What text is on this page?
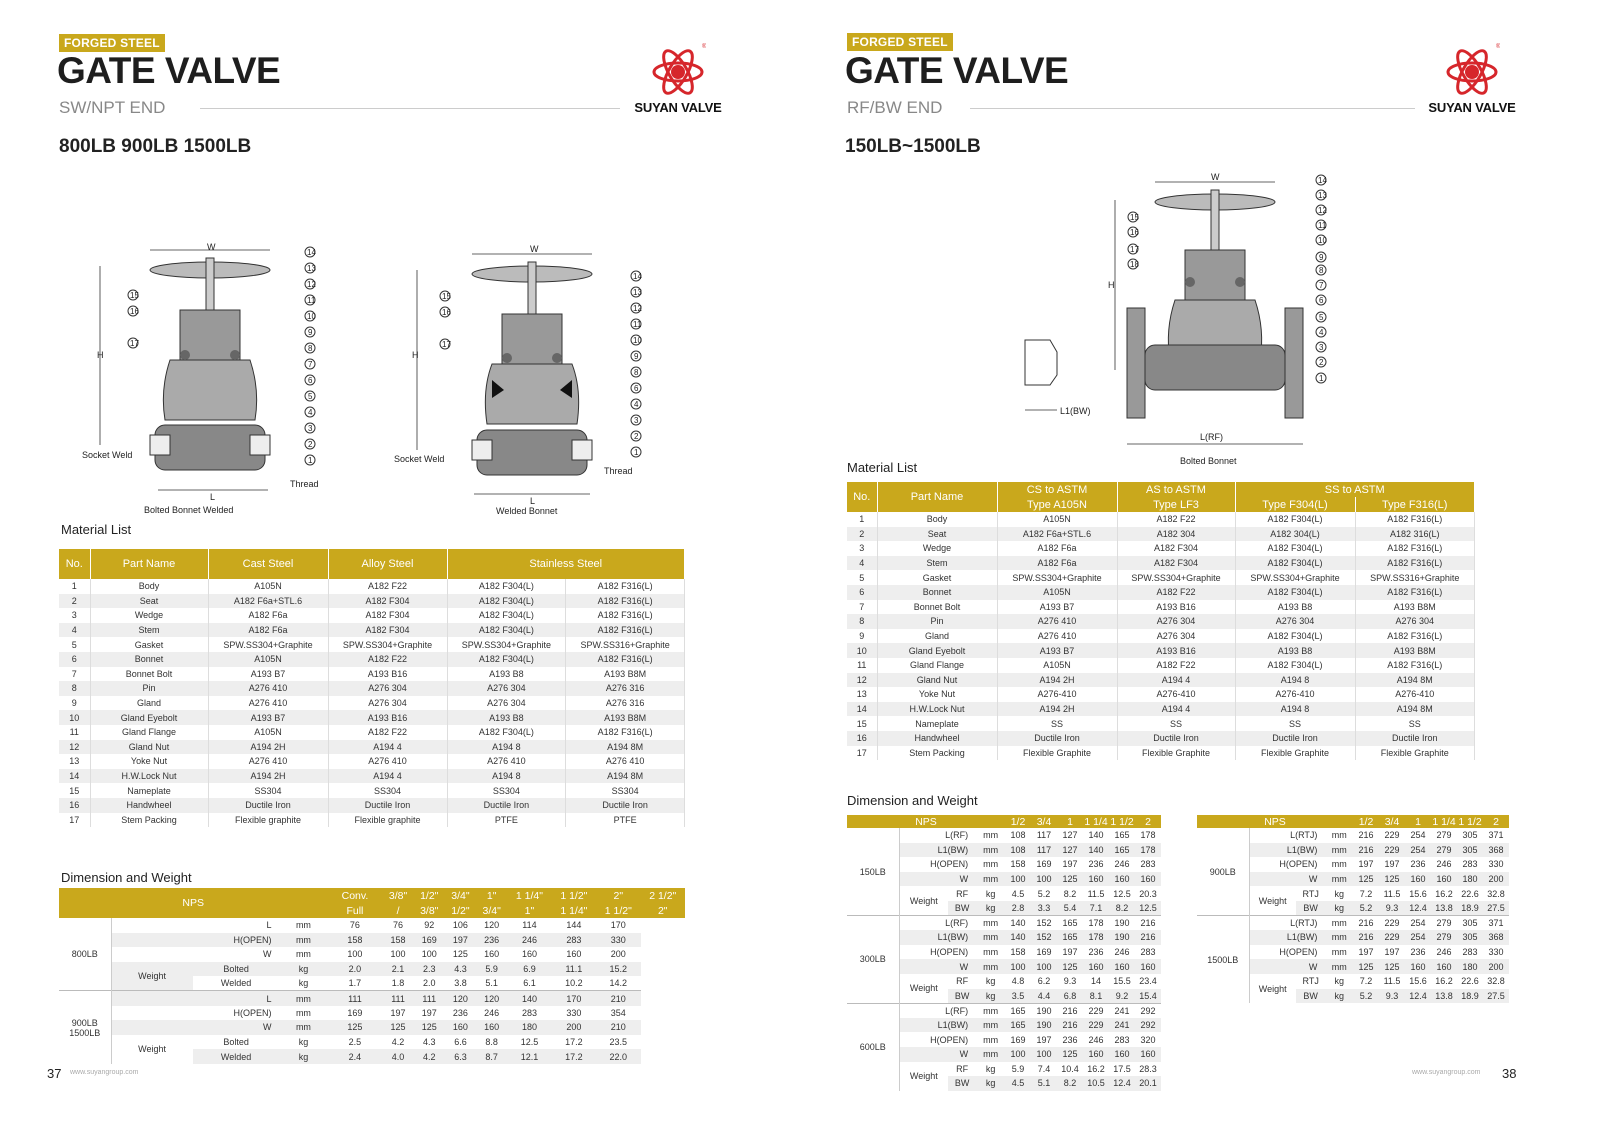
FORGED STEEL
GATE VALVE
SW/NPT END
800LB 900LB 1500LB
®
SUYAN VALVE
14
13
12
11
10
9
8
7
6
5
4
3
2
1
15
16
17
W
H
L
Socket Weld
Thread
Bolted Bonnet Welded
14
13
12
11
10
9
8
6
4
3
2
1
15
16
17
W
H
L
Socket Weld
Thread
Welded Bonnet
Material List
No.	Part Name	Cast Steel	Alloy Steel	Stainless Steel	
1	Body	A105N	A182 F22	A182 F304(L)	A182 F316(L)
2	Seat	A182 F6a+STL.6	A182 F304	A182 F304(L)	A182 F316(L)
3	Wedge	A182 F6a	A182 F304	A182 F304(L)	A182 F316(L)
4	Stem	A182 F6a	A182 F304	A182 F304(L)	A182 F316(L)
5	Gasket	SPW.SS304+Graphite	SPW.SS304+Graphite	SPW.SS304+Graphite	SPW.SS316+Graphite
6	Bonnet	A105N	A182 F22	A182 F304(L)	A182 F316(L)
7	Bonnet Bolt	A193 B7	A193 B16	A193 B8	A193 B8M
8	Pin	A276 410	A276 304	A276 304	A276 316
9	Gland	A276 410	A276 304	A276 304	A276 316
10	Gland Eyebolt	A193 B7	A193 B16	A193 B8	A193 B8M
11	Gland Flange	A105N	A182 F22	A182 F304(L)	A182 F316(L)
12	Gland Nut	A194 2H	A194 4	A194 8	A194 8M
13	Yoke Nut	A276 410	A276 410	A276 410	A276 410
14	H.W.Lock Nut	A194 2H	A194 4	A194 8	A194 8M
15	Nameplate	SS304	SS304	SS304	SS304
16	Handwheel	Ductile Iron	Ductile Iron	Ductile Iron	Ductile Iron
17	Stem Packing	Flexible graphite	Flexible graphite	PTFE	PTFE
Dimension and Weight
NPS				Conv.	3/8"	1/2"	3/4"	1"	1 1/4"	1 1/2"	2"	2 1/2"
				Full	/	3/8"	1/2"	3/4"	1"	1 1/4"	1 1/2"	2"
800LB	L		mm	76	76	92	106	120	114	144	170	
	H(OPEN)		mm	158	158	169	197	236	246	283	330	
	W		mm	100	100	100	125	160	160	160	200	
	Weight	Bolted	kg	2.0	2.1	2.3	4.3	5.9	6.9	11.1	15.2	
		Welded	kg	1.7	1.8	2.0	3.8	5.1	6.1	10.2	14.2	
900LB 1500LB	L		mm	111	111	111	120	120	140	170	210	
	H(OPEN)		mm	169	197	197	236	246	283	330	354	
	W		mm	125	125	125	160	160	180	200	210	
	Weight	Bolted	kg	2.5	4.2	4.3	6.6	8.8	12.5	17.2	23.5	
		Welded	kg	2.4	4.0	4.2	6.3	8.7	12.1	17.2	22.0	
37 www.suyangroup.com
FORGED STEEL
GATE VALVE
RF/BW END
150LB~1500LB
®
SUYAN VALVE
14
13
12
11
10
9
8
7
6
5
4
3
2
1
15
16
17
18
W
H
L(RF)
L1(BW)
Bolted Bonnet
Material List
No.	Part Name	CS to ASTM	AS to ASTM	SS to ASTM	
		Type A105N	Type LF3	Type F304(L)	Type F316(L)
1	Body	A105N	A182 F22	A182 F304(L)	A182 F316(L)
2	Seat	A182 F6a+STL.6	A182 304	A182 304(L)	A182 316(L)
3	Wedge	A182 F6a	A182 F304	A182 F304(L)	A182 F316(L)
4	Stem	A182 F6a	A182 F304	A182 F304(L)	A182 F316(L)
5	Gasket	SPW.SS304+Graphite	SPW.SS304+Graphite	SPW.SS304+Graphite	SPW.SS316+Graphite
6	Bonnet	A105N	A182 F22	A182 F304(L)	A182 F316(L)
7	Bonnet Bolt	A193 B7	A193 B16	A193 B8	A193 B8M
8	Pin	A276 410	A276 304	A276 304	A276 304
9	Gland	A276 410	A276 304	A182 F304(L)	A182 F316(L)
10	Gland Eyebolt	A193 B7	A193 B16	A193 B8	A193 B8M
11	Gland Flange	A105N	A182 F22	A182 F304(L)	A182 F316(L)
12	Gland Nut	A194 2H	A194 4	A194 8	A194 8M
13	Yoke Nut	A276-410	A276-410	A276-410	A276-410
14	H.W.Lock Nut	A194 2H	A194 4	A194 8	A194 8M
15	Nameplate	SS	SS	SS	SS
16	Handwheel	Ductile Iron	Ductile Iron	Ductile Iron	Ductile Iron
17	Stem Packing	Flexible Graphite	Flexible Graphite	Flexible Graphite	Flexible Graphite
Dimension and Weight
NPS				1/2	3/4	1	1 1/4	1 1/2	2
150LB	L(RF)		mm	108	117	127	140	165	178
	L1(BW)		mm	108	117	127	140	165	178
	H(OPEN)		mm	158	169	197	236	246	283
	W		mm	100	100	125	160	160	160
	Weight	RF	kg	4.5	5.2	8.2	11.5	12.5	20.3
		BW	kg	2.8	3.3	5.4	7.1	8.2	12.5
300LB	L(RF)		mm	140	152	165	178	190	216
	L1(BW)		mm	140	152	165	178	190	216
	H(OPEN)		mm	158	169	197	236	246	283
	W		mm	100	100	125	160	160	160
	Weight	RF	kg	4.8	6.2	9.3	14	15.5	23.4
		BW	kg	3.5	4.4	6.8	8.1	9.2	15.4
600LB	L(RF)		mm	165	190	216	229	241	292
	L1(BW)		mm	165	190	216	229	241	292
	H(OPEN)		mm	169	197	236	246	283	320
	W		mm	100	100	125	160	160	160
	Weight	RF	kg	5.9	7.4	10.4	16.2	17.5	28.3
		BW	kg	4.5	5.1	8.2	10.5	12.4	20.1
NPS				1/2	3/4	1	1 1/4	1 1/2	2
900LB	L(RTJ)		mm	216	229	254	279	305	371
	L1(BW)		mm	216	229	254	279	305	368
	H(OPEN)		mm	197	197	236	246	283	330
	W		mm	125	125	160	160	180	200
	Weight	RTJ	kg	7.2	11.5	15.6	16.2	22.6	32.8
		BW	kg	5.2	9.3	12.4	13.8	18.9	27.5
1500LB	L(RTJ)		mm	216	229	254	279	305	371
	L1(BW)		mm	216	229	254	279	305	368
	H(OPEN)		mm	197	197	236	246	283	330
	W		mm	125	125	160	160	180	200
	Weight	RTJ	kg	7.2	11.5	15.6	16.2	22.6	32.8
		BW	kg	5.2	9.3	12.4	13.8	18.9	27.5
www.suyangroup.com 38
